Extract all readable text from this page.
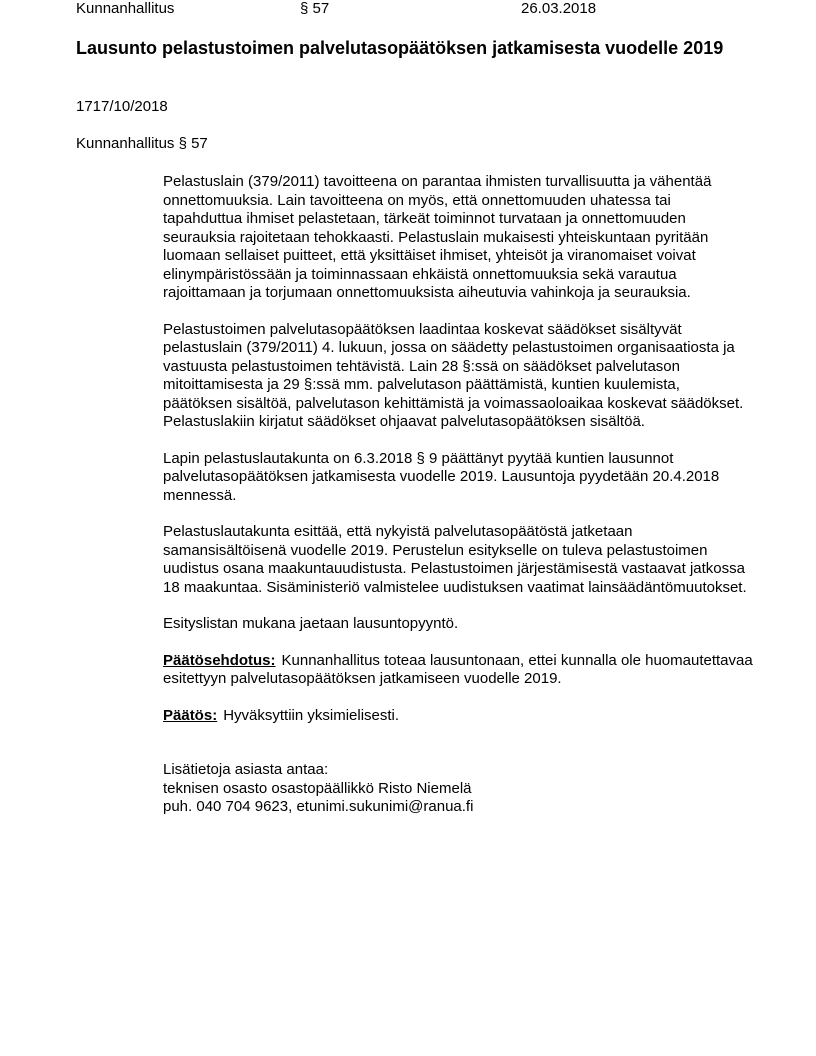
Kunnanhallitus	§ 57	26.03.2018
Lausunto pelastustoimen palvelutasopäätöksen jatkamisesta vuodelle 2019
1717/10/2018
Kunnanhallitus § 57

Pelastuslain (379/2011) tavoitteena on parantaa ihmisten turvallisuutta ja vähentää onnettomuuksia. Lain tavoitteena on myös, että onnettomuuden uhatessa tai tapahduttua ihmiset pelastetaan, tärkeät toiminnot turvataan ja onnettomuuden seurauksia rajoitetaan tehokkaasti. Pelastuslain mukaisesti yhteiskuntaan pyritään luomaan sellaiset puitteet, että yksittäiset ihmiset, yhteisöt ja viranomaiset voivat elinympäristössään ja toiminnassaan ehkäistä onnettomuuksia sekä varautua rajoittamaan ja torjumaan onnettomuuksista aiheutuvia vahinkoja ja seurauksia.

Pelastustoimen palvelutasopäätöksen laadintaa koskevat säädökset sisältyvät pelastuslain (379/2011) 4. lukuun, jossa on säädetty pelastustoimen organisaatiosta ja vastuusta pelastustoimen tehtävistä. Lain 28 §:ssä on säädökset palvelutason mitoittamisesta ja 29 §:ssä mm. palvelutason päättämistä, kuntien kuulemista, päätöksen sisältöä, palvelutason kehittämistä ja voimassaoloaikaa koskevat säädökset. Pelastuslakiin kirjatut säädökset ohjaavat palvelutasopäätöksen sisältöä.

Lapin pelastuslautakunta on 6.3.2018 § 9 päättänyt pyytää kuntien lausunnot palvelutasopäätöksen jatkamisesta vuodelle 2019. Lausuntoja pyydetään 20.4.2018 mennessä.

Pelastuslautakunta esittää, että nykyistä palvelutasopäätöstä jatketaan samansisältöisenä vuodelle 2019. Perustelun esitykselle on tuleva pelastustoimen uudistus osana maakuntauudistusta. Pelastustoimen järjestämisestä vastaavat jatkossa 18 maakuntaa. Sisäministeriö valmistelee uudistuksen vaatimat lainsäädäntömuutokset.

Esityslistan mukana jaetaan lausuntopyyntö.

Päätösehdotus: Kunnanhallitus toteaa lausuntonaan, ettei kunnalla ole huomautettavaa esitettyyn palvelutasopäätöksen jatkamiseen vuodelle 2019.

Päätös: Hyväksyttiin yksimielisesti.

Lisätietoja asiasta antaa:
teknisen osasto osastopäällikkö Risto Niemelä
puh. 040 704 9623, etunimi.sukunimi@ranua.fi
